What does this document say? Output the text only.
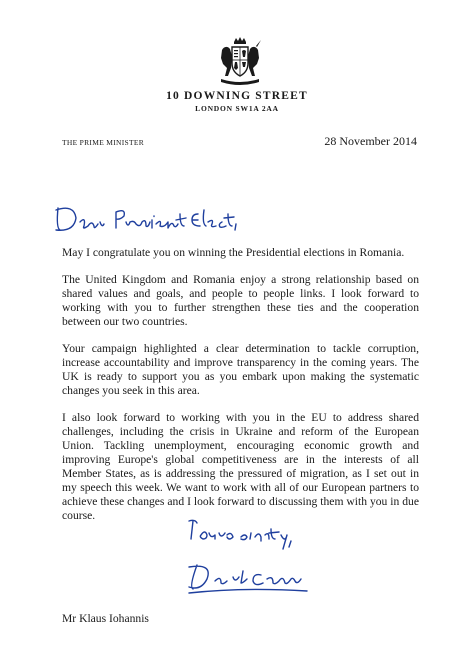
10 DOWNING STREET
LONDON SW1A 2AA
THE PRIME MINISTER	28 November 2014

May I congratulate you on winning the Presidential elections in Romania.

The United Kingdom and Romania enjoy a strong relationship based on shared values and goals, and people to people links. I look forward to working with you to further strengthen these ties and the cooperation between our two countries.

Your campaign highlighted a clear determination to tackle corruption, increase accountability and improve transparency in the coming years. The UK is ready to support you as you embark upon making the systematic changes you seek in this area.

I also look forward to working with you in the EU to address shared challenges, including the crisis in Ukraine and reform of the European Union. Tackling unemployment, encouraging economic growth and improving Europe's global competitiveness are in the interests of all Member States, as is addressing the pressured of migration, as I set out in my speech this week. We want to work with all of our European partners to achieve these changes and I look forward to discussing them with you in due course.

Mr Klaus Iohannis
